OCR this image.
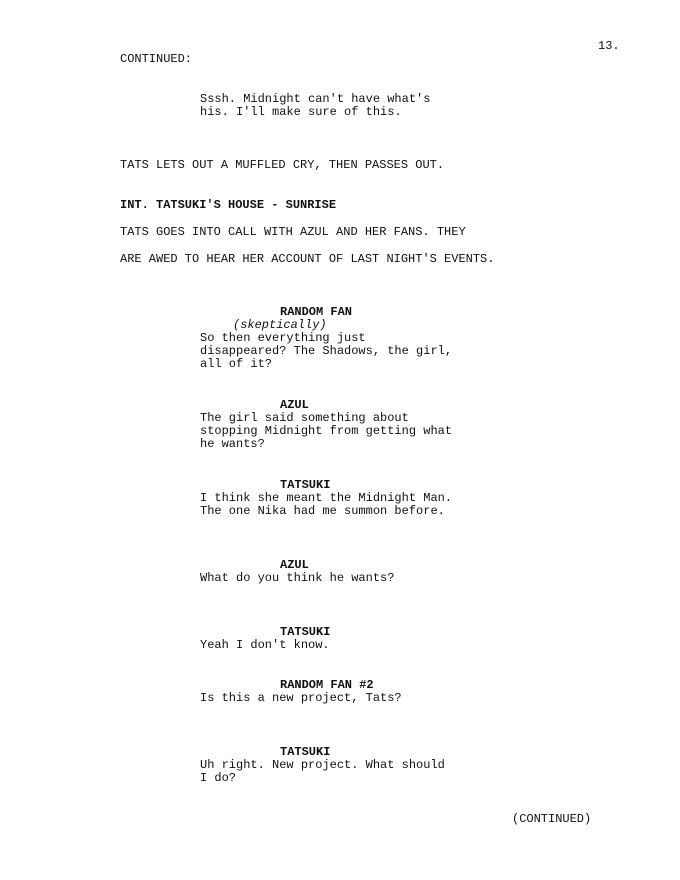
13.
CONTINUED:
Sssh. Midnight can't have what's
his. I'll make sure of this.
TATS LETS OUT A MUFFLED CRY, THEN PASSES OUT.
INT. TATSUKI'S HOUSE - SUNRISE
TATS GOES INTO CALL WITH AZUL AND HER FANS. THEY
ARE AWED TO HEAR HER ACCOUNT OF LAST NIGHT'S EVENTS.
RANDOM FAN
(skeptically)
So then everything just
disappeared? The Shadows, the girl,
all of it?
AZUL
The girl said something about
stopping Midnight from getting what
he wants?
TATSUKI
I think she meant the Midnight Man.
The one Nika had me summon before.
AZUL
What do you think he wants?
TATSUKI
Yeah I don't know.
RANDOM FAN #2
Is this a new project, Tats?
TATSUKI
Uh right. New project. What should
I do?
(CONTINUED)
